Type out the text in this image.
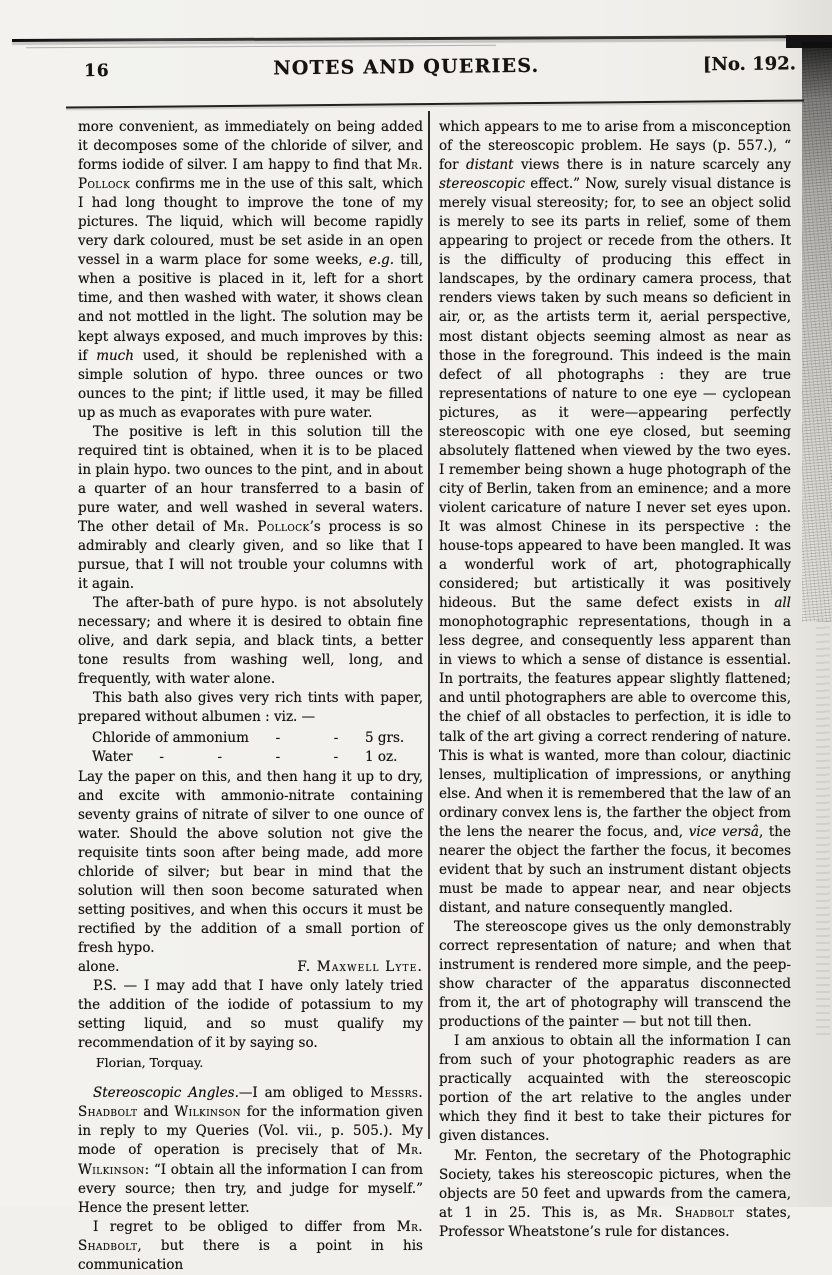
16	NOTES AND QUERIES.	[No. 192.

more convenient, as immediately on being added it decomposes some of the chloride of silver, and forms iodide of silver. I am happy to find that Mr. Pollock confirms me in the use of this salt, which I had long thought to improve the tone of my pictures. The liquid, which will become rapidly very dark coloured, must be set aside in an open vessel in a warm place for some weeks, e.g. till, when a positive is placed in it, left for a short time, and then washed with water, it shows clean and not mottled in the light. The solution may be kept always exposed, and much improves by this: if much used, it should be replenished with a simple solution of hypo. three ounces or two ounces to the pint; if little used, it may be filled up as much as evaporates with pure water.

The positive is left in this solution till the required tint is obtained, when it is to be placed in plain hypo. two ounces to the pint, and in about a quarter of an hour transferred to a basin of pure water, and well washed in several waters. The other detail of Mr. Pollock’s process is so admirably and clearly given, and so like that I pursue, that I will not trouble your columns with it again.

The after-bath of pure hypo. is not absolutely necessary; and where it is desired to obtain fine olive, and dark sepia, and black tints, a better tone results from washing well, long, and frequently, with water alone.

This bath also gives very rich tints with paper, prepared without albumen : viz. —

Chloride of ammonium	-	-	5 grs.
Water	-	-	-	-	1 oz.

Lay the paper on this, and then hang it up to dry, and excite with ammonio-nitrate containing seventy grains of nitrate of silver to one ounce of water. Should the above solution not give the requisite tints soon after being made, add more chloride of silver; but bear in mind that the solution will then soon become saturated when setting positives, and when this occurs it must be rectified by the addition of a small portion of fresh hypo.

alone.	F. Maxwell Lyte.

P.S. — I may add that I have only lately tried the addition of the iodide of potassium to my setting liquid, and so must qualify my recommendation of it by saying so.

Florian, Torquay.

Stereoscopic Angles.—I am obliged to Messrs. Shadbolt and Wilkinson for the information given in reply to my Queries (Vol. vii., p. 505.). My mode of operation is precisely that of Mr. Wilkinson: “I obtain all the information I can from every source; then try, and judge for myself.” Hence the present letter.

I regret to be obliged to differ from Mr. Shadbolt, but there is a point in his communication

which appears to me to arise from a misconception of the stereoscopic problem. He says (p. 557.), “ for distant views there is in nature scarcely any stereoscopic effect.” Now, surely visual distance is merely visual stereosity; for, to see an object solid is merely to see its parts in relief, some of them appearing to project or recede from the others. It is the difficulty of producing this effect in landscapes, by the ordinary camera process, that renders views taken by such means so deficient in air, or, as the artists term it, aerial perspective, most distant objects seeming almost as near as those in the foreground. This indeed is the main defect of all photographs : they are true representations of nature to one eye — cyclopean pictures, as it were—appearing perfectly stereoscopic with one eye closed, but seeming absolutely flattened when viewed by the two eyes. I remember being shown a huge photograph of the city of Berlin, taken from an eminence; and a more violent caricature of nature I never set eyes upon. It was almost Chinese in its perspective : the house-tops appeared to have been mangled. It was a wonderful work of art, photographically considered; but artistically it was positively hideous. But the same defect exists in all monophotographic representations, though in a less degree, and consequently less apparent than in views to which a sense of distance is essential. In portraits, the features appear slightly flattened; and until photographers are able to overcome this, the chief of all obstacles to perfection, it is idle to talk of the art giving a correct rendering of nature. This is what is wanted, more than colour, diactinic lenses, multiplication of impressions, or anything else. And when it is remembered that the law of an ordinary convex lens is, the farther the object from the lens the nearer the focus, and, vice versâ, the nearer the object the farther the focus, it becomes evident that by such an instrument distant objects must be made to appear near, and near objects distant, and nature consequently mangled.

The stereoscope gives us the only demonstrably correct representation of nature; and when that instrument is rendered more simple, and the peep-show character of the apparatus disconnected from it, the art of photography will transcend the productions of the painter — but not till then.

I am anxious to obtain all the information I can from such of your photographic readers as are practically acquainted with the stereoscopic portion of the art relative to the angles under which they find it best to take their pictures for given distances.

Mr. Fenton, the secretary of the Photographic Society, takes his stereoscopic pictures, when the objects are 50 feet and upwards from the camera, at 1 in 25. This is, as Mr. Shadbolt states, Professor Wheatstone’s rule for distances.
